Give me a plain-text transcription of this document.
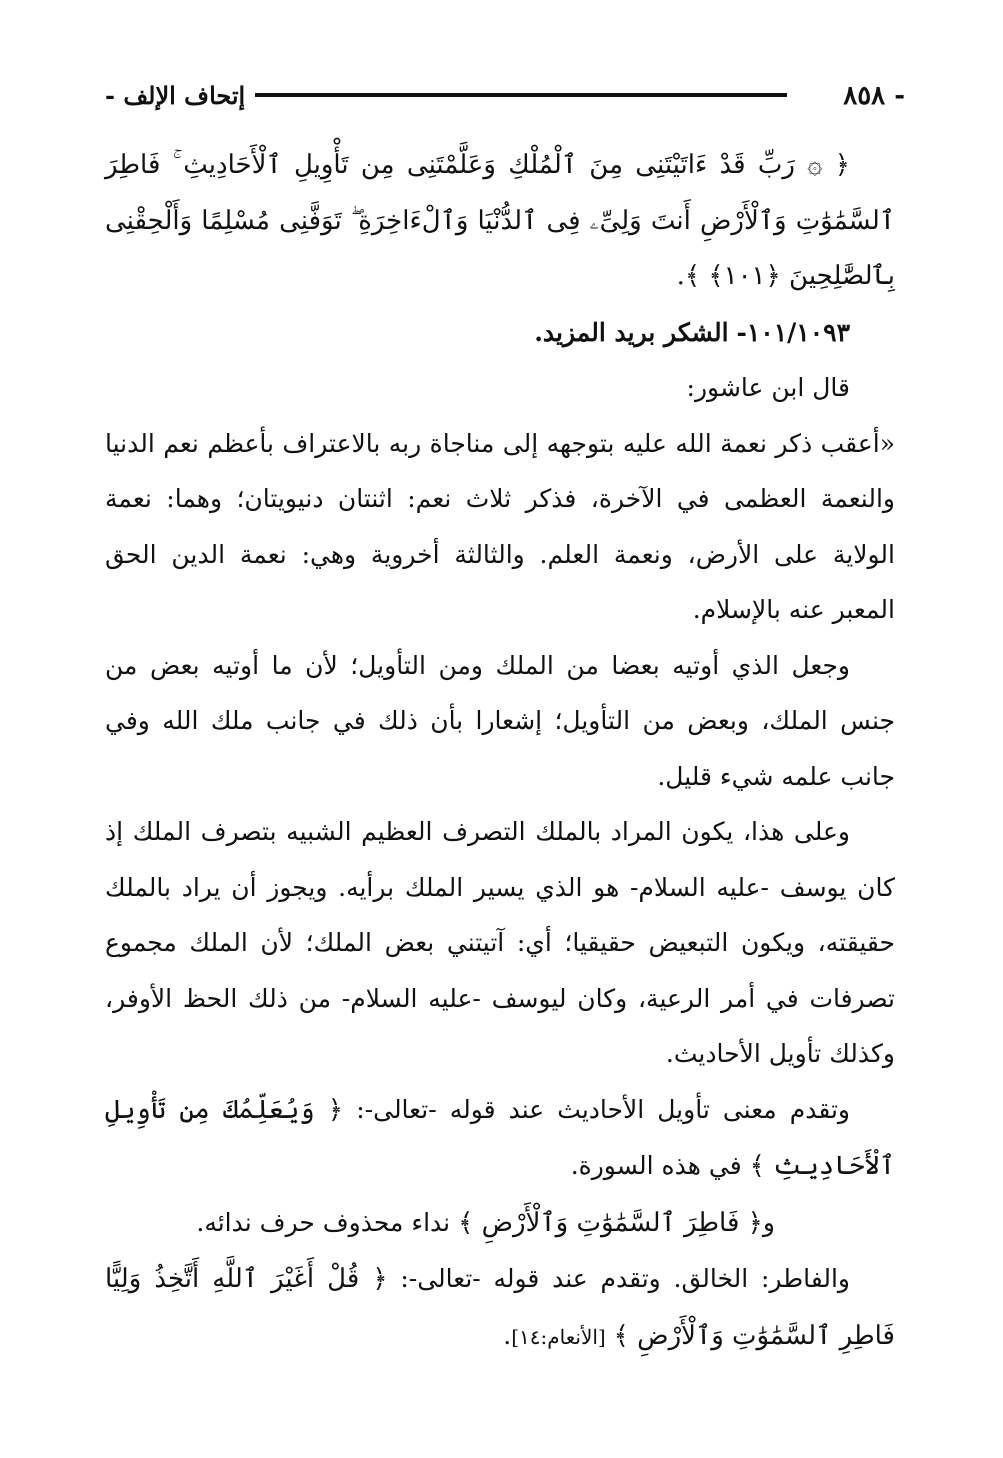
- ٨٥٨
إتحاف الإلف -

﴿ ۞ رَبِّ قَدْ ءَاتَيْتَنِى مِنَ ٱلْمُلْكِ وَعَلَّمْتَنِى مِن تَأْوِيلِ ٱلْأَحَادِيثِ ۚ فَاطِرَ ٱلسَّمَٰوَٰتِ وَٱلْأَرْضِ أَنتَ وَلِىِّۦ فِى ٱلدُّنْيَا وَٱلْءَاخِرَةِ ۖ تَوَفَّنِى مُسْلِمًا وَأَلْحِقْنِى بِٱلصَّٰلِحِينَ ﴿١٠١﴾ ﴾.

١٠١/١٠٩٣- الشكر بريد المزيد.

قال ابن عاشور:

«أعقب ذكر نعمة الله عليه بتوجهه إلى مناجاة ربه بالاعتراف بأعظم نعم الدنيا والنعمة العظمى في الآخرة، فذكر ثلاث نعم: اثنتان دنيويتان؛ وهما: نعمة الولاية على الأرض، ونعمة العلم. والثالثة أخروية وهي: نعمة الدين الحق المعبر عنه بالإسلام.

وجعل الذي أوتيه بعضا من الملك ومن التأويل؛ لأن ما أوتيه بعض من جنس الملك، وبعض من التأويل؛ إشعارا بأن ذلك في جانب ملك الله وفي جانب علمه شيء قليل.

وعلى هذا، يكون المراد بالملك التصرف العظيم الشبيه بتصرف الملك إذ كان يوسف -عليه السلام- هو الذي يسير الملك برأيه. ويجوز أن يراد بالملك حقيقته، ويكون التبعيض حقيقيا؛ أي: آتيتني بعض الملك؛ لأن الملك مجموع تصرفات في أمر الرعية، وكان ليوسف -عليه السلام- من ذلك الحظ الأوفر، وكذلك تأويل الأحاديث.

وتقدم معنى تأويل الأحاديث عند قوله -تعالى-: ﴿ وَيُعَلِّمُكَ مِن تَأْوِيلِ ٱلْأَحَادِيثِ ﴾ في هذه السورة.

و﴿ فَاطِرَ ٱلسَّمَٰوَٰتِ وَٱلْأَرْضِ ﴾ نداء محذوف حرف ندائه.

والفاطر: الخالق. وتقدم عند قوله -تعالى-: ﴿ قُلْ أَغَيْرَ ٱللَّهِ أَتَّخِذُ وَلِيًّا فَاطِرِ ٱلسَّمَٰوَٰتِ وَٱلْأَرْضِ ﴾ [الأنعام:١٤].
